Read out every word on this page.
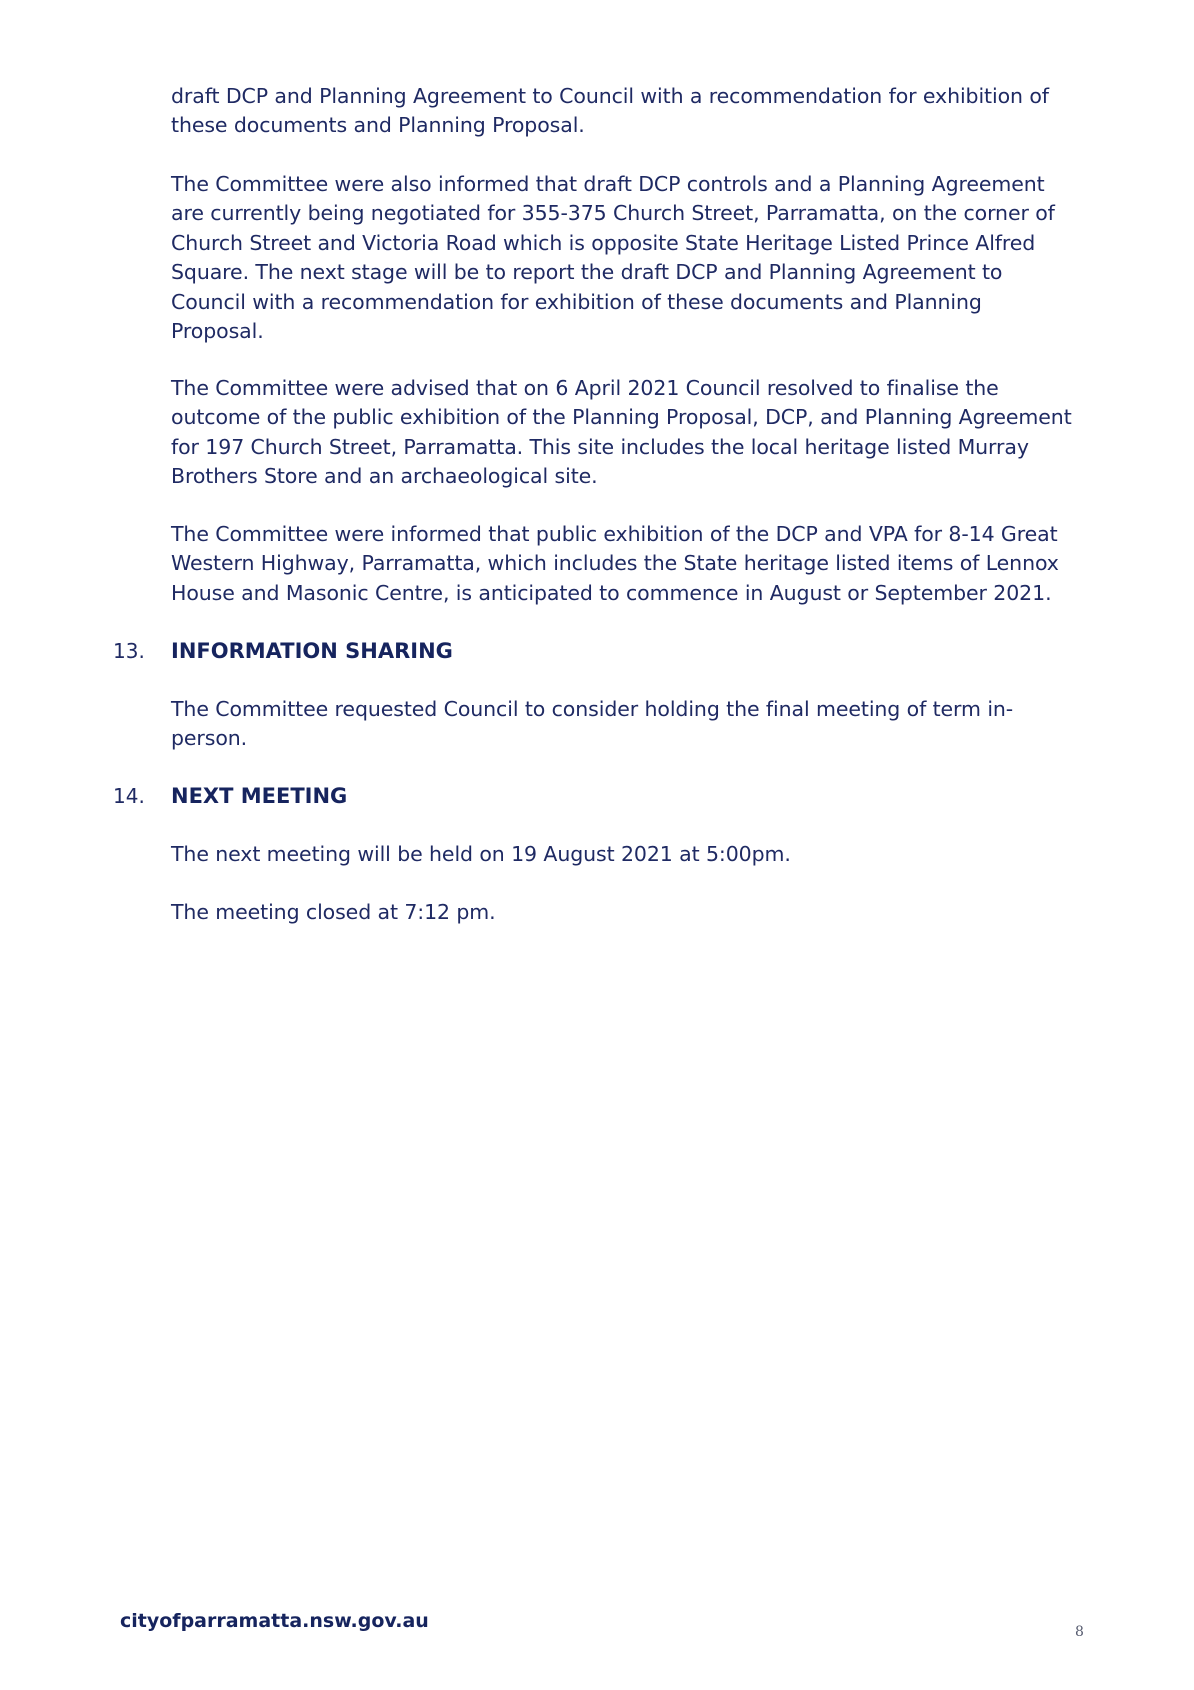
draft DCP and Planning Agreement to Council with a recommendation for exhibition of
these documents and Planning Proposal.

The Committee were also informed that draft DCP controls and a Planning Agreement
are currently being negotiated for 355-375 Church Street, Parramatta, on the corner of
Church Street and Victoria Road which is opposite State Heritage Listed Prince Alfred
Square. The next stage will be to report the draft DCP and Planning Agreement to
Council with a recommendation for exhibition of these documents and Planning
Proposal.

The Committee were advised that on 6 April 2021 Council resolved to finalise the
outcome of the public exhibition of the Planning Proposal, DCP, and Planning Agreement
for 197 Church Street, Parramatta. This site includes the local heritage listed Murray
Brothers Store and an archaeological site.

The Committee were informed that public exhibition of the DCP and VPA for 8-14 Great
Western Highway, Parramatta, which includes the State heritage listed items of Lennox
House and Masonic Centre, is anticipated to commence in August or September 2021.

13. INFORMATION SHARING

The Committee requested Council to consider holding the final meeting of term in-
person.

14. NEXT MEETING

The next meeting will be held on 19 August 2021 at 5:00pm.

The meeting closed at 7:12 pm.

cityofparramatta.nsw.gov.au	8
